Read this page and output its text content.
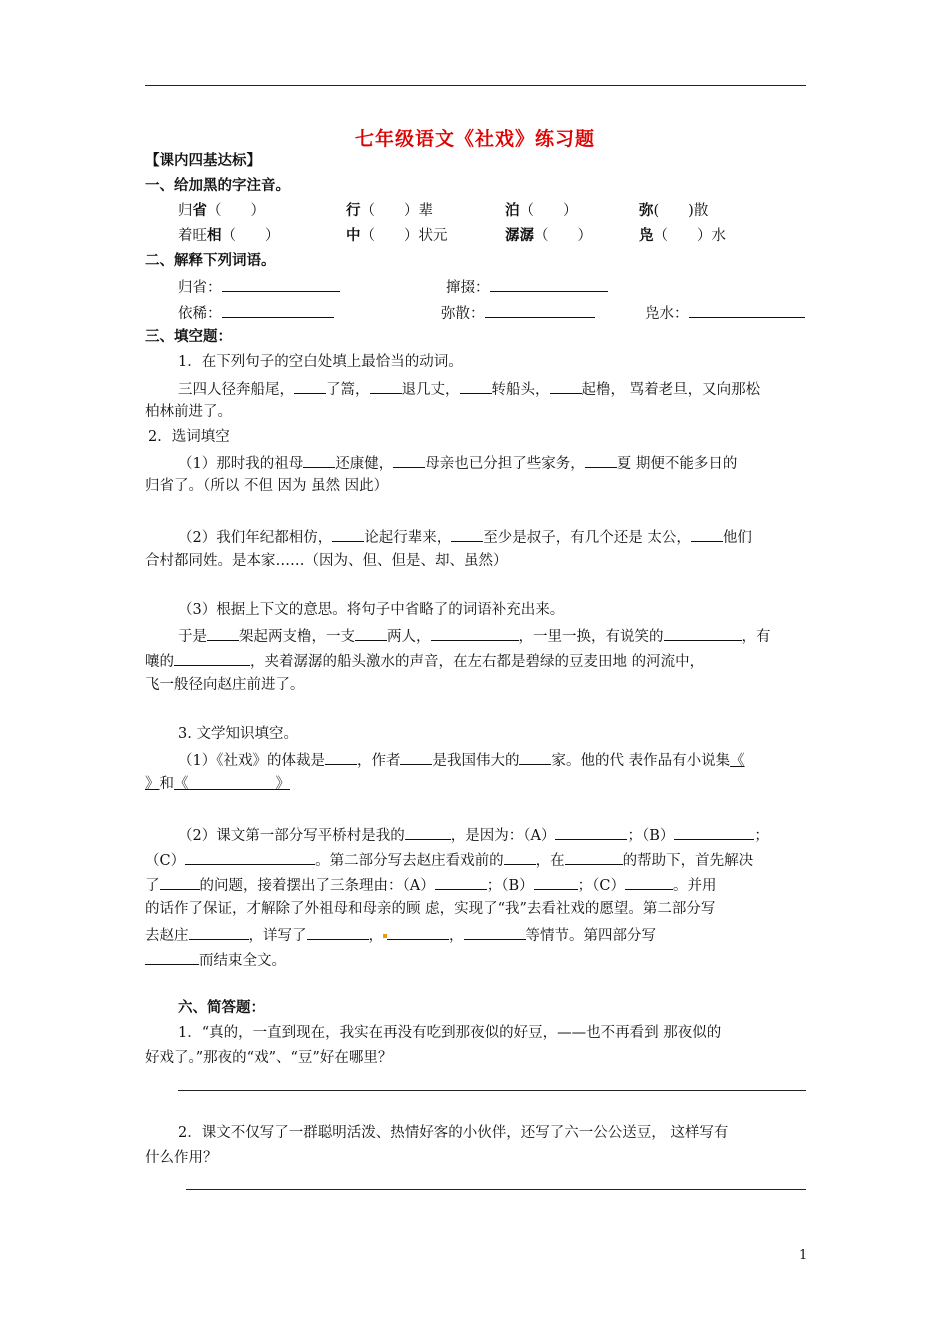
七年级语文《社戏》练习题
【课内四基达标】
一、给加黑的字注音。
归省（　　）	行（　　）辈	泊（　　）	弥(　　)散
着旺相（　　）	中（　　）状元	潺潺（　　）	凫（　　）水
二、解释下列词语。
归省：	撺掇：
依稀：	弥散：	凫水：
三、填空题：
1．在下列句子的空白处填上最恰当的动词。
三四人径奔船尾， 了篙， 退几丈， 转船头， 起橹， 骂着老旦，又向那松
柏林前进了。
2．选词填空
（1）那时我的祖母 还康健， 母亲也已分担了些家务， 夏 期便不能多日的
归省了。（所以 不但 因为 虽然 因此）
（2）我们年纪都相仿， 论起行辈来， 至少是叔子，有几个还是 太公， 他们
合村都同姓。是本家……（因为、但、但是、却、虽然）
（3）根据上下文的意思。将句子中省略了的词语补充出来。
于是 架起两支橹，一支 两人，	，一里一换，有说笑的	，有
嚷的	，夹着潺潺的船头激水的声音，在左右都是碧绿的豆麦田地 的河流中，
飞一般径向赵庄前进了。
3. 文学知识填空。
（1）《社戏》的体裁是 ，作者 是我国伟大的 家。他的代 表作品有小说集《
》和《　　　　　　》
（2）课文第一部分写平桥村是我的	，是因为：（A）	；（B）	；
（C）	。第二部分写去赵庄看戏前的 ，在	的帮助下，首先解决
了	的问题，接着摆出了三条理由：（A）	；（B）	；（C）	。并用
的话作了保证，才解除了外祖母和母亲的顾 虑，实现了“我”去看社戏的愿望。第二部分写
去赵庄	，详写了	，	，	等情节。第四部分写
而结束全文。
六、简答题：
1．“真的，一直到现在，我实在再没有吃到那夜似的好豆，——也不再看到 那夜似的
好戏了。”那夜的“戏”、“豆”好在哪里？
2．课文不仅写了一群聪明活泼、热情好客的小伙伴，还写了六一公公送豆， 这样写有
什么作用？
1
